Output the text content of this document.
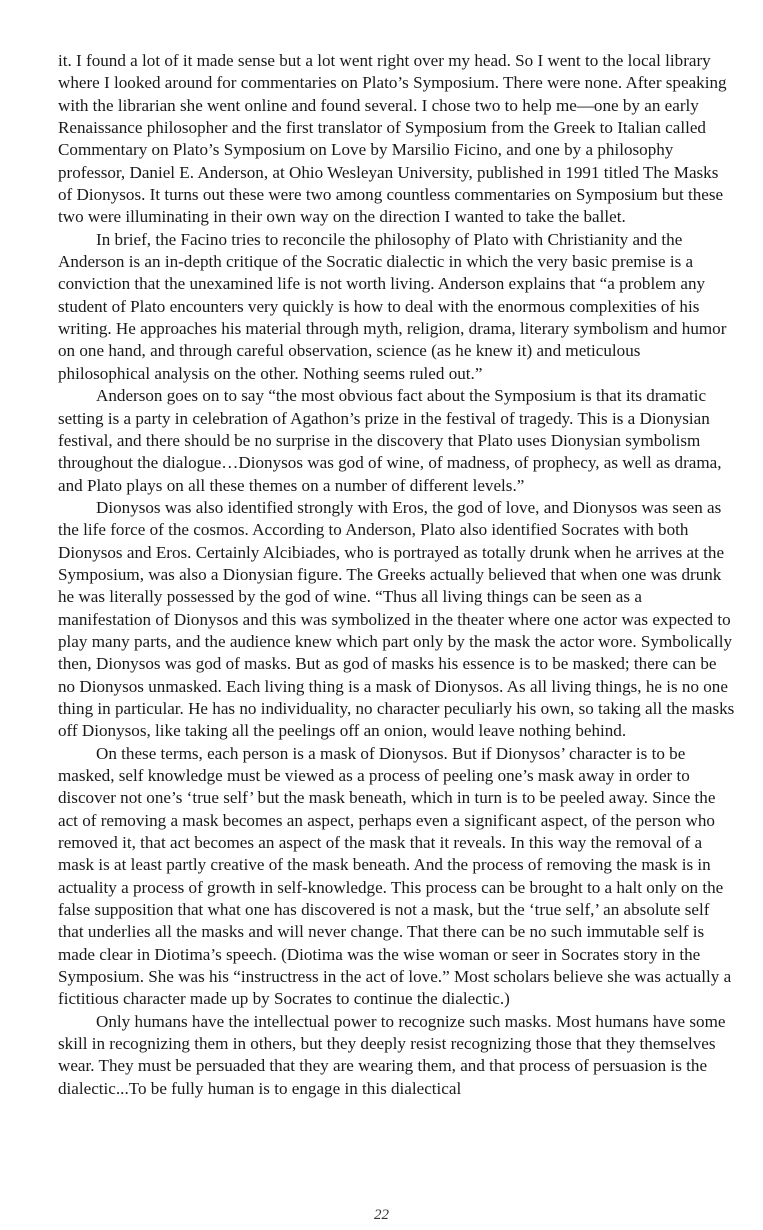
it. I found a lot of it made sense but a lot went right over my head. So I went to the local library where I looked around for commentaries on Plato’s Symposium. There were none. After speaking with the librarian she went online and found several. I chose two to help me—one by an early Renaissance philosopher and the first translator of Symposium from the Greek to Italian called Commentary on Plato’s Symposium on Love by Marsilio Ficino, and one by a philosophy professor, Daniel E. Anderson, at Ohio Wesleyan University, published in 1991 titled The Masks of Dionysos. It turns out these were two among countless commentaries on Symposium but these two were illuminating in their own way on the direction I wanted to take the ballet.

In brief, the Facino tries to reconcile the philosophy of Plato with Christianity and the Anderson is an in-depth critique of the Socratic dialectic in which the very basic premise is a conviction that the unexamined life is not worth living. Anderson explains that “a problem any student of Plato encounters very quickly is how to deal with the enormous complexities of his writing. He approaches his material through myth, religion, drama, literary symbolism and humor on one hand, and through careful observation, science (as he knew it) and meticulous philosophical analysis on the other. Nothing seems ruled out.”

Anderson goes on to say “the most obvious fact about the Symposium is that its dramatic setting is a party in celebration of Agathon’s prize in the festival of tragedy. This is a Dionysian festival, and there should be no surprise in the discovery that Plato uses Dionysian symbolism throughout the dialogue…Dionysos was god of wine, of madness, of prophecy, as well as drama, and Plato plays on all these themes on a number of different levels.”

Dionysos was also identified strongly with Eros, the god of love, and Dionysos was seen as the life force of the cosmos. According to Anderson, Plato also identified Socrates with both Dionysos and Eros. Certainly Alcibiades, who is portrayed as totally drunk when he arrives at the Symposium, was also a Dionysian figure. The Greeks actually believed that when one was drunk he was literally possessed by the god of wine. “Thus all living things can be seen as a manifestation of Dionysos and this was symbolized in the theater where one actor was expected to play many parts, and the audience knew which part only by the mask the actor wore. Symbolically then, Dionysos was god of masks. But as god of masks his essence is to be masked; there can be no Dionysos unmasked. Each living thing is a mask of Dionysos. As all living things, he is no one thing in particular. He has no individuality, no character peculiarly his own, so taking all the masks off Dionysos, like taking all the peelings off an onion, would leave nothing behind.

On these terms, each person is a mask of Dionysos. But if Dionysos’ character is to be masked, self knowledge must be viewed as a process of peeling one’s mask away in order to discover not one’s ‘true self’ but the mask beneath, which in turn is to be peeled away. Since the act of removing a mask becomes an aspect, perhaps even a significant aspect, of the person who removed it, that act becomes an aspect of the mask that it reveals. In this way the removal of a mask is at least partly creative of the mask beneath. And the process of removing the mask is in actuality a process of growth in self-knowledge. This process can be brought to a halt only on the false supposition that what one has discovered is not a mask, but the ‘true self,’ an absolute self that underlies all the masks and will never change. That there can be no such immutable self is made clear in Diotima’s speech. (Diotima was the wise woman or seer in Socrates story in the Symposium. She was his “instructress in the act of love.” Most scholars believe she was actually a fictitious character made up by Socrates to continue the dialectic.)

Only humans have the intellectual power to recognize such masks. Most humans have some skill in recognizing them in others, but they deeply resist recognizing those that they themselves wear. They must be persuaded that they are wearing them, and that process of persuasion is the dialectic...To be fully human is to engage in this dialectical

22
